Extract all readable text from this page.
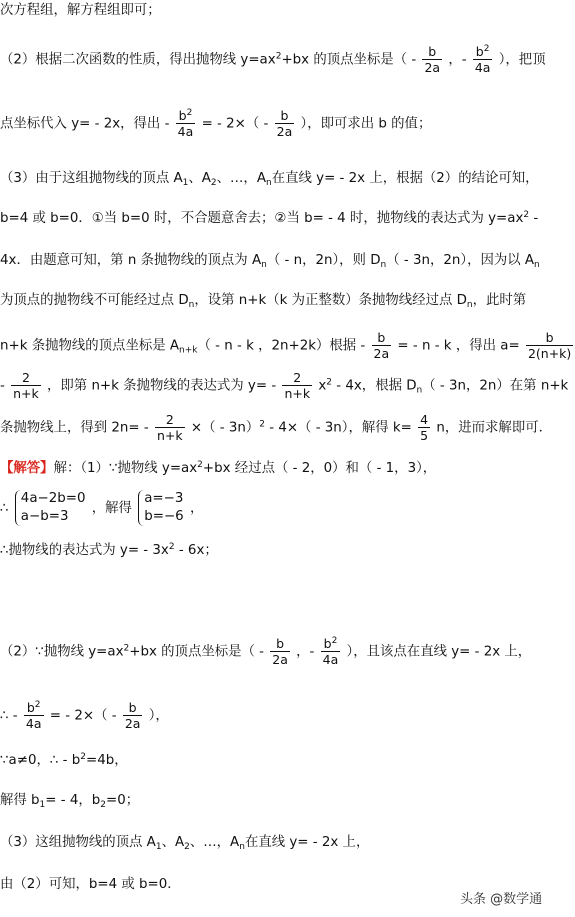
次方程组，解方程组即可；
（2）根据二次函数的性质，得出抛物线 $y=ax^2+bx$ 的顶点坐标是（ - $\frac{b}{2a}$ ，- $\frac{b^2}{4a}$ ），把顶
点坐标代入 y= - 2x，得出 - $\frac{b^2}{4a}$ = - $2\times( - \frac{b}{2a}$ ），即可求出 b 的值；
（3）由于这组抛物线的顶点 $A_1$、$A_2$、…，$A_n$在直线 y= - 2x 上，根据（2）的结论可知，
b=4 或 b=0．①当 b=0 时，不合题意舍去；②当 b= - 4 时，抛物线的表达式为 $y=ax^2$ -
4x．由题意可知，第 n 条抛物线的顶点为 $A_n$（ - n，2n），则 $D_n( - 3n$，2n），因为以 $A_n$
为顶点的抛物线不可能经过点 $D_n$，设第 n+k（k 为正整数）条抛物线经过点 $D_n$，此时第
n+k 条抛物线的顶点坐标是 $A_{n+k}$（ - n - k ，2n+2k）根据 - $\frac{b}{2a}$ = - n - k ，得出 $a= \frac{b}{2(n+k)}$
- $\frac{2}{n+k}$ ，即第 n+k 条抛物线的表达式为 $y= - \frac{2}{n+k} x^2 - 4x$，根据 $D_n( - 3n$，2n）在第 n+k
条抛物线上，得到 $2n= - \frac{2}{n+k}$ ×（ - 3n）$^2$ - 4×（ - 3n），解得 $k= \frac{4}{5}$ n，进而求解即可．
【解答】解：（1）∵抛物线 $y=ax^2+bx$ 经过点（ - 2，0）和（ - 1，3），
∴
4a−2b=0
a−b=3
，解得
a=−3
b=−6
，
∴抛物线的表达式为 $y= - 3x^2 - 6x$；
（2）∵抛物线 $y=ax^2+bx$ 的顶点坐标是（ - $\frac{b}{2a}$ ，- $\frac{b^2}{4a}$ ），且该点在直线 y= - 2x 上，
∴ - $\frac{b^2}{4a}$ = - $2\times( - \frac{b}{2a}$ ），
∵a≠0，∴ - $b^2=4b$，
解得 $b_1= - 4$，$b_2=0$；
（3）这组抛物线的顶点 $A_1$、$A_2$、…，$A_n$在直线 y= - 2x 上，
由（2）可知，b=4 或 b=0．
头条 @数学通
